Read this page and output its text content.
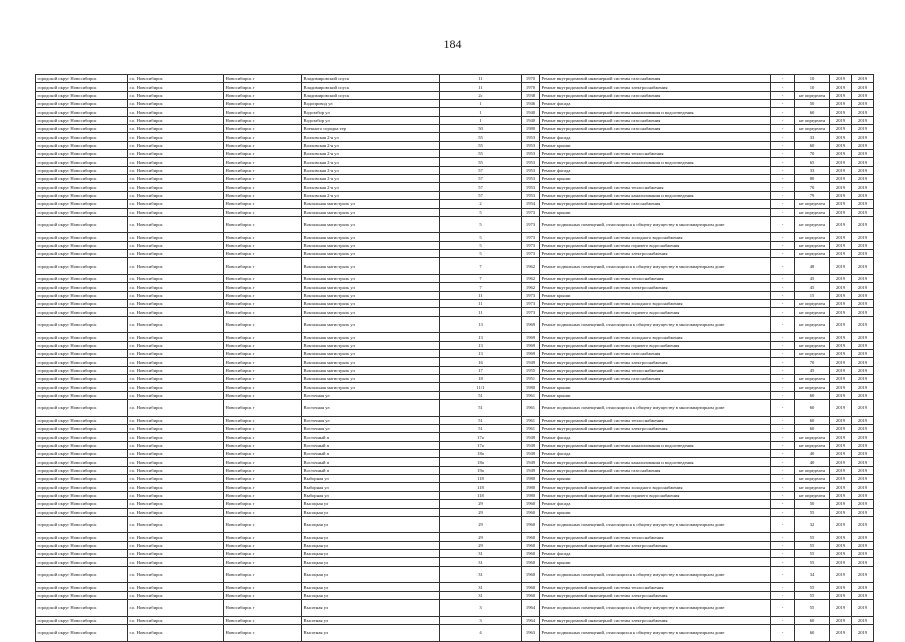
184
городской округ Новосибирск	г.о. Новосибирск	Новосибирск г	Владимировский спуск	11	1970	Ремонт внутридомовой инженерной системы газоснабжения	-	10	2019	2019
городской округ Новосибирск	г.о. Новосибирск	Новосибирск г	Владимировский спуск	11	1970	Ремонт внутридомовой инженерной системы электроснабжения	-	10	2019	2019
городской округ Новосибирск	г.о. Новосибирск	Новосибирск г	Владимировский спуск	2с	1938	Ремонт внутридомовой инженерной системы газоснабжения	-	не определен	2019	2019
городской округ Новосибирск	г.о. Новосибирск	Новосибирск г	Водопровод ул	1	1946	Ремонт фасада	-	50	2019	2019
городской округ Новосибирск	г.о. Новосибирск	Новосибирск г	Водозабор ул	1	1940	Ремонт внутридомовой инженерной системы канализования и водоотведения	-	60	2019	2019
городской округ Новосибирск	г.о. Новосибирск	Новосибирск г	Водозабор ул	1	1940	Ремонт внутридомовой инженерной системы газоснабжения	-	не определен	2019	2019
городской округ Новосибирск	г.о. Новосибирск	Новосибирск г	Военного городка тер	50	1980	Ремонт внутридомовой инженерной системы газоснабжения	-	не определен	2019	2019
городской округ Новосибирск	г.о. Новосибирск	Новосибирск г	Волховская 2-я ул	55	1953	Ремонт фасада	-	33	2019	2019
городской округ Новосибирск	г.о. Новосибирск	Новосибирск г	Волховская 2-я ул	55	1953	Ремонт крыши	-	60	2019	2019
городской округ Новосибирск	г.о. Новосибирск	Новосибирск г	Волховская 2-я ул	55	1953	Ремонт внутридомовой инженерной системы теплоснабжения	-	70	2019	2019
городской округ Новосибирск	г.о. Новосибирск	Новосибирск г	Волховская 2-я ул	55	1953	Ремонт внутридомовой инженерной системы канализования и водоотведения	-	65	2019	2019
городской округ Новосибирск	г.о. Новосибирск	Новосибирск г	Волховская 2-я ул	57	1953	Ремонт фасада	-	33	2019	2019
городской округ Новосибирск	г.о. Новосибирск	Новосибирск г	Волховская 2-я ул	57	1953	Ремонт крыши	-	80	2019	2019
городской округ Новосибирск	г.о. Новосибирск	Новосибирск г	Волховская 2-я ул	57	1953	Ремонт внутридомовой инженерной системы теплоснабжения	-	70	2019	2019
городской округ Новосибирск	г.о. Новосибирск	Новосибирск г	Волховская 2-я ул	57	1953	Ремонт внутридомовой инженерной системы канализования и водоотведения	-	79	2019	2019
городской округ Новосибирск	г.о. Новосибирск	Новосибирск г	Вокзальная магистраль ул	2	1954	Ремонт внутридомовой инженерной системы газоснабжения	-	не определен	2019	2019
городской округ Новосибирск	г.о. Новосибирск	Новосибирск г	Вокзальная магистраль ул	5	1973	Ремонт крыши	-	не определен	2019	2019
городской округ Новосибирск	г.о. Новосибирск	Новосибирск г	Вокзальная магистраль ул	5	1973	Ремонт подвальных помещений, относящихся к общему имуществу в многоквартирном доме	-	не определен	2019	2019
городской округ Новосибирск	г.о. Новосибирск	Новосибирск г	Вокзальная магистраль ул	5	1973	Ремонт внутридомовой инженерной системы холодного водоснабжения	-	не определен	2019	2019
городской округ Новосибирск	г.о. Новосибирск	Новосибирск г	Вокзальная магистраль ул	5	1973	Ремонт внутридомовой инженерной системы горячего водоснабжения	-	не определен	2019	2019
городской округ Новосибирск	г.о. Новосибирск	Новосибирск г	Вокзальная магистраль ул	5	1973	Ремонт внутридомовой инженерной системы электроснабжения	-	не определен	2019	2019
городской округ Новосибирск	г.о. Новосибирск	Новосибирск г	Вокзальная магистраль ул	7	1962	Ремонт подвальных помещений, относящихся к общему имуществу в многоквартирном доме	-	48	2019	2019
городской округ Новосибирск	г.о. Новосибирск	Новосибирск г	Вокзальная магистраль ул	7	1962	Ремонт внутридомовой инженерной системы теплоснабжения	-	45	2019	2019
городской округ Новосибирск	г.о. Новосибирск	Новосибирск г	Вокзальная магистраль ул	7	1962	Ремонт внутридомовой инженерной системы электроснабжения	-	45	2019	2019
городской округ Новосибирск	г.о. Новосибирск	Новосибирск г	Вокзальная магистраль ул	11	1973	Ремонт крыши	-	15	2019	2019
городской округ Новосибирск	г.о. Новосибирск	Новосибирск г	Вокзальная магистраль ул	11	1973	Ремонт внутридомовой инженерной системы холодного водоснабжения	-	не определен	2019	2019
городской округ Новосибирск	г.о. Новосибирск	Новосибирск г	Вокзальная магистраль ул	11	1973	Ремонт внутридомовой инженерной системы горячего водоснабжения	-	не определен	2019	2019
городской округ Новосибирск	г.о. Новосибирск	Новосибирск г	Вокзальная магистраль ул	13	1969	Ремонт подвальных помещений, относящихся к общему имуществу в многоквартирном доме	-	не определен	2019	2019
городской округ Новосибирск	г.о. Новосибирск	Новосибирск г	Вокзальная магистраль ул	13	1969	Ремонт внутридомовой инженерной системы холодного водоснабжения	-	не определен	2019	2019
городской округ Новосибирск	г.о. Новосибирск	Новосибирск г	Вокзальная магистраль ул	13	1969	Ремонт внутридомовой инженерной системы горячего водоснабжения	-	не определен	2019	2019
городской округ Новосибирск	г.о. Новосибирск	Новосибирск г	Вокзальная магистраль ул	13	1969	Ремонт внутридомовой инженерной системы газоснабжения	-	не определен	2019	2019
городской округ Новосибирск	г.о. Новосибирск	Новосибирск г	Вокзальная магистраль ул	16	1949	Ремонт внутридомовой инженерной системы электроснабжения	-	70	2019	2019
городской округ Новосибирск	г.о. Новосибирск	Новосибирск г	Вокзальная магистраль ул	17	1955	Ремонт внутридомовой инженерной системы теплоснабжения	-	45	2019	2019
городской округ Новосибирск	г.о. Новосибирск	Новосибирск г	Вокзальная магистраль ул	18	1951	Ремонт внутридомовой инженерной системы газоснабжения	-	не определен	2019	2019
городской округ Новосибирск	г.о. Новосибирск	Новосибирск г	Вокзальная магистраль ул	11/1	1980	Ремонт крыши	-	не определен	2019	2019
городской округ Новосибирск	г.о. Новосибирск	Новосибирск г	Восточная ул	51	1961	Ремонт крыши	-	60	2019	2019
городской округ Новосибирск	г.о. Новосибирск	Новосибирск г	Восточная ул	51	1961	Ремонт подвальных помещений, относящихся к общему имуществу в многоквартирном доме	-	60	2019	2019
городской округ Новосибирск	г.о. Новосибирск	Новосибирск г	Восточная ул	51	1961	Ремонт внутридомовой инженерной системы теплоснабжения	-	60	2019	2019
городской округ Новосибирск	г.о. Новосибирск	Новосибирск г	Восточная ул	51	1961	Ремонт внутридомовой инженерной системы электроснабжения	-	60	2019	2019
городской округ Новосибирск	г.о. Новосибирск	Новосибирск г	Восточный п	17а	1949	Ремонт фасада	-	не определен	2019	2019
городской округ Новосибирск	г.о. Новосибирск	Новосибирск г	Восточный п	17а	1949	Ремонт внутридомовой инженерной системы канализования и водоотведения	-	не определен	2019	2019
городской округ Новосибирск	г.о. Новосибирск	Новосибирск г	Восточный п	18а	1949	Ремонт фасада	-	40	2019	2019
городской округ Новосибирск	г.о. Новосибирск	Новосибирск г	Восточный п	18а	1949	Ремонт внутридомовой инженерной системы канализования и водоотведения	-	40	2019	2019
городской округ Новосибирск	г.о. Новосибирск	Новосибирск г	Восточный п	19а	1949	Ремонт внутридомовой инженерной системы газоснабжения	-	не определен	2019	2019
городской округ Новосибирск	г.о. Новосибирск	Новосибирск г	Выборная ул	118	1980	Ремонт крыши	-	не определен	2019	2019
городской округ Новосибирск	г.о. Новосибирск	Новосибирск г	Выборная ул	118	1980	Ремонт внутридомовой инженерной системы холодного водоснабжения	-	не определен	2019	2019
городской округ Новосибирск	г.о. Новосибирск	Новосибирск г	Выборная ул	118	1980	Ремонт внутридомовой инженерной системы горячего водоснабжения	-	не определен	2019	2019
городской округ Новосибирск	г.о. Новосибирск	Новосибирск г	Высоцкая ул	29	1960	Ремонт фасада	-	50	2019	2019
городской округ Новосибирск	г.о. Новосибирск	Новосибирск г	Высоцкая ул	29	1960	Ремонт крыши	-	55	2019	2019
городской округ Новосибирск	г.о. Новосибирск	Новосибирск г	Высоцкая ул	29	1960	Ремонт подвальных помещений, относящихся к общему имуществу в многоквартирном доме	-	32	2019	2019
городской округ Новосибирск	г.о. Новосибирск	Новосибирск г	Высоцкая ул	29	1960	Ремонт внутридомовой инженерной системы теплоснабжения	-	55	2019	2019
городской округ Новосибирск	г.о. Новосибирск	Новосибирск г	Высоцкая ул	29	1960	Ремонт внутридомовой инженерной системы электроснабжения	-	55	2019	2019
городской округ Новосибирск	г.о. Новосибирск	Новосибирск г	Высоцкая ул	31	1960	Ремонт фасада	-	55	2019	2019
городской округ Новосибирск	г.о. Новосибирск	Новосибирск г	Высоцкая ул	31	1960	Ремонт крыши	-	55	2019	2019
городской округ Новосибирск	г.о. Новосибирск	Новосибирск г	Высоцкая ул	31	1960	Ремонт подвальных помещений, относящихся к общему имуществу в многоквартирном доме	-	34	2019	2019
городской округ Новосибирск	г.о. Новосибирск	Новосибирск г	Высоцкая ул	31	1960	Ремонт внутридомовой инженерной системы теплоснабжения	-	55	2019	2019
городской округ Новосибирск	г.о. Новосибирск	Новосибирск г	Высоцкая ул	31	1960	Ремонт внутридомовой инженерной системы электроснабжения	-	55	2019	2019
городской округ Новосибирск	г.о. Новосибирск	Новосибирск г	Высотная ул	3	1964	Ремонт подвальных помещений, относящихся к общему имуществу в многоквартирном доме	-	55	2019	2019
городской округ Новосибирск	г.о. Новосибирск	Новосибирск г	Высотная ул	3	1964	Ремонт внутридомовой инженерной системы электроснабжения	-	60	2019	2019
городской округ Новосибирск	г.о. Новосибирск	Новосибирск г	Высотная ул	4	1963	Ремонт подвальных помещений, относящихся к общему имуществу в многоквартирном доме	-	60	2019	2019
